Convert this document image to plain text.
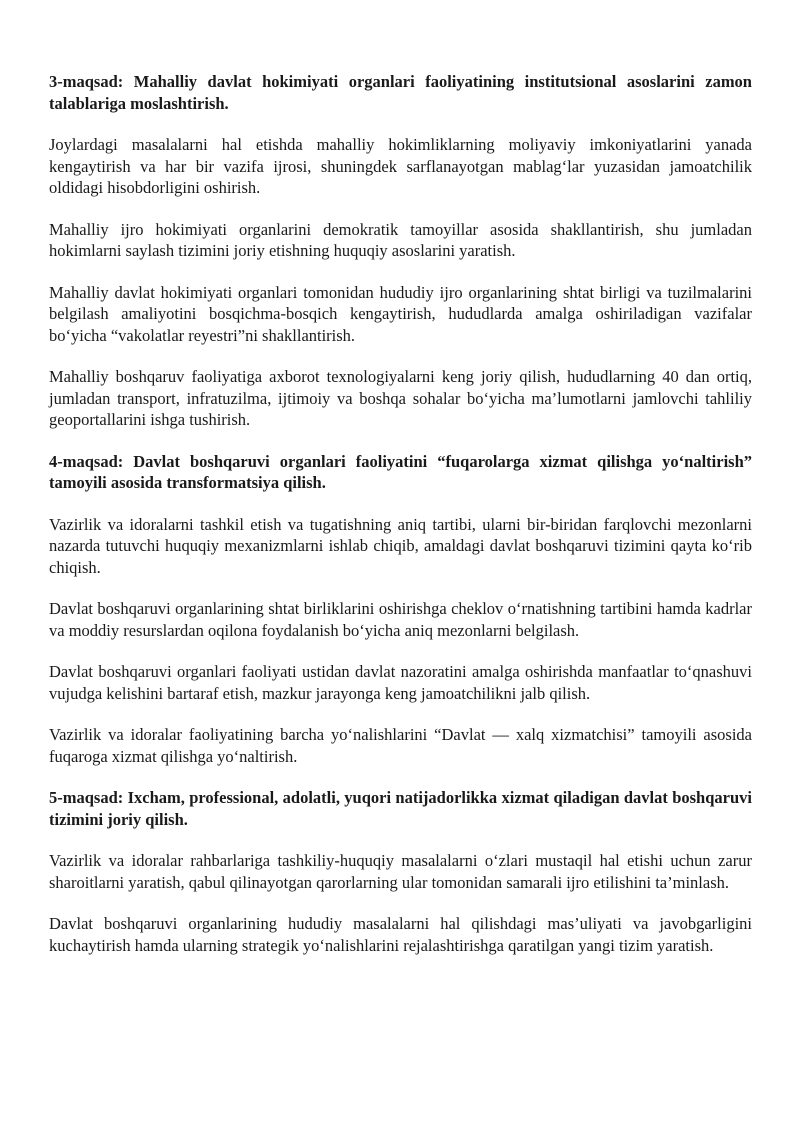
3-maqsad: Mahalliy davlat hokimiyati organlari faoliyatining institutsional asoslarini zamon talablariga moslashtirish.

Joylardagi masalalarni hal etishda mahalliy hokimliklarning moliyaviy imkoniyatlarini yanada kengaytirish va har bir vazifa ijrosi, shuningdek sarflanayotgan mablag‘lar yuzasidan jamoatchilik oldidagi hisobdorligini oshirish.

Mahalliy ijro hokimiyati organlarini demokratik tamoyillar asosida shakllantirish, shu jumladan hokimlarni saylash tizimini joriy etishning huquqiy asoslarini yaratish.

Mahalliy davlat hokimiyati organlari tomonidan hududiy ijro organlarining shtat birligi va tuzilmalarini belgilash amaliyotini bosqichma-bosqich kengaytirish, hududlarda amalga oshiriladigan vazifalar bo‘yicha “vakolatlar reyestri”ni shakllantirish.

Mahalliy boshqaruv faoliyatiga axborot texnologiyalarni keng joriy qilish, hududlarning 40 dan ortiq, jumladan transport, infratuzilma, ijtimoiy va boshqa sohalar bo‘yicha ma’lumotlarni jamlovchi tahliliy geoportallarini ishga tushirish.

4-maqsad: Davlat boshqaruvi organlari faoliyatini “fuqarolarga xizmat qilishga yo‘naltirish” tamoyili asosida transformatsiya qilish.

Vazirlik va idoralarni tashkil etish va tugatishning aniq tartibi, ularni bir-biridan farqlovchi mezonlarni nazarda tutuvchi huquqiy mexanizmlarni ishlab chiqib, amaldagi davlat boshqaruvi tizimini qayta ko‘rib chiqish.

Davlat boshqaruvi organlarining shtat birliklarini oshirishga cheklov o‘rnatishning tartibini hamda kadrlar va moddiy resurslardan oqilona foydalanish bo‘yicha aniq mezonlarni belgilash.

Davlat boshqaruvi organlari faoliyati ustidan davlat nazoratini amalga oshirishda manfaatlar to‘qnashuvi vujudga kelishini bartaraf etish, mazkur jarayonga keng jamoatchilikni jalb qilish.

Vazirlik va idoralar faoliyatining barcha yo‘nalishlarini “Davlat — xalq xizmatchisi” tamoyili asosida fuqaroga xizmat qilishga yo‘naltirish.

5-maqsad: Ixcham, professional, adolatli, yuqori natijadorlikka xizmat qiladigan davlat boshqaruvi tizimini joriy qilish.

Vazirlik va idoralar rahbarlariga tashkiliy-huquqiy masalalarni o‘zlari mustaqil hal etishi uchun zarur sharoitlarni yaratish, qabul qilinayotgan qarorlarning ular tomonidan samarali ijro etilishini ta’minlash.

Davlat boshqaruvi organlarining hududiy masalalarni hal qilishdagi mas’uliyati va javobgarligini kuchaytirish hamda ularning strategik yo‘nalishlarini rejalashtirishga qaratilgan yangi tizim yaratish.
